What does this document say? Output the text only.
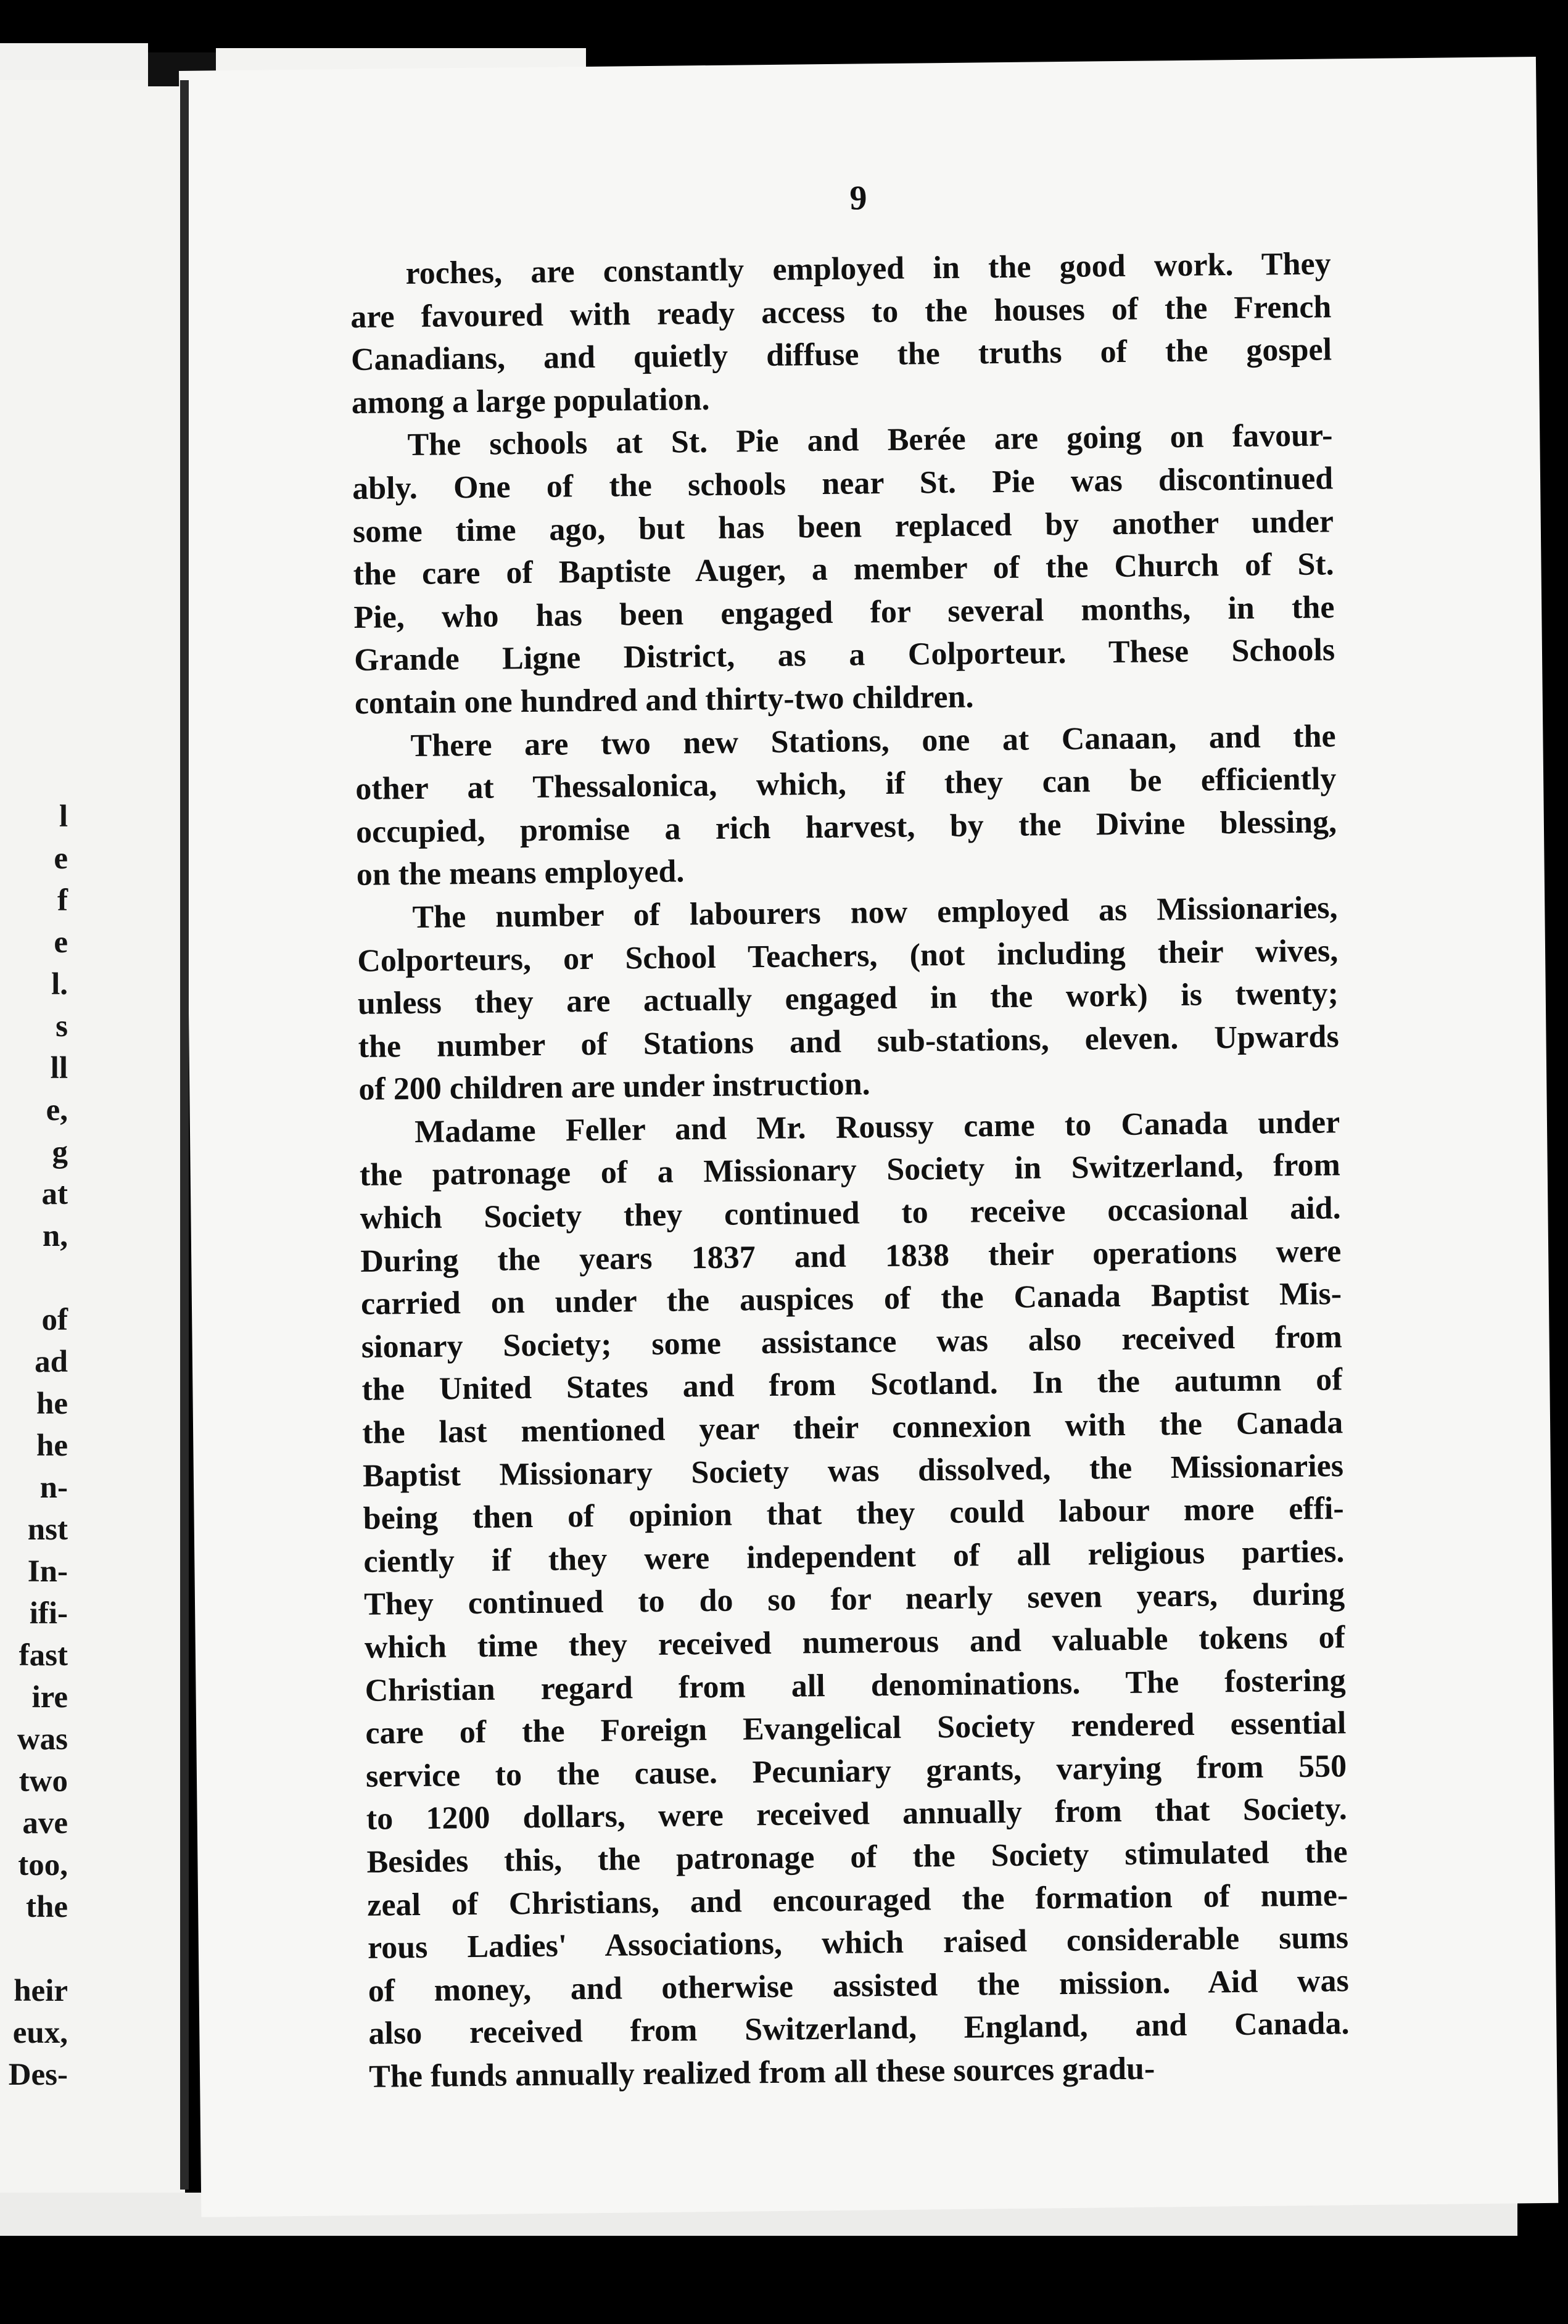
l
e
f
e
l.
s
ll
e,
g
at
n,
of
ad
he
he
n-
nst
In-
ifi-
fast
ire
was
two
ave
too,
the
heir
eux,
Des-
9
roches, are constantly employed in the good work. They
are favoured with ready access to the houses of the French
Canadians, and quietly diffuse the truths of the gospel
among a large population.
The schools at St. Pie and Berée are going on favour-
ably. One of the schools near St. Pie was discontinued
some time ago, but has been replaced by another under
the care of Baptiste Auger, a member of the Church of St.
Pie, who has been engaged for several months, in the
Grande Ligne District, as a Colporteur. These Schools
contain one hundred and thirty-two children.
There are two new Stations, one at Canaan, and the
other at Thessalonica, which, if they can be efficiently
occupied, promise a rich harvest, by the Divine blessing,
on the means employed.
The number of labourers now employed as Missionaries,
Colporteurs, or School Teachers, (not including their wives,
unless they are actually engaged in the work) is twenty;
the number of Stations and sub-stations, eleven. Upwards
of 200 children are under instruction.
Madame Feller and Mr. Roussy came to Canada under
the patronage of a Missionary Society in Switzerland, from
which Society they continued to receive occasional aid.
During the years 1837 and 1838 their operations were
carried on under the auspices of the Canada Baptist Mis-
sionary Society; some assistance was also received from
the United States and from Scotland. In the autumn of
the last mentioned year their connexion with the Canada
Baptist Missionary Society was dissolved, the Missionaries
being then of opinion that they could labour more effi-
ciently if they were independent of all religious parties.
They continued to do so for nearly seven years, during
which time they received numerous and valuable tokens of
Christian regard from all denominations. The fostering
care of the Foreign Evangelical Society rendered essential
service to the cause. Pecuniary grants, varying from 550
to 1200 dollars, were received annually from that Society.
Besides this, the patronage of the Society stimulated the
zeal of Christians, and encouraged the formation of nume-
rous Ladies' Associations, which raised considerable sums
of money, and otherwise assisted the mission. Aid was
also received from Switzerland, England, and Canada.
The funds annually realized from all these sources gradu-
